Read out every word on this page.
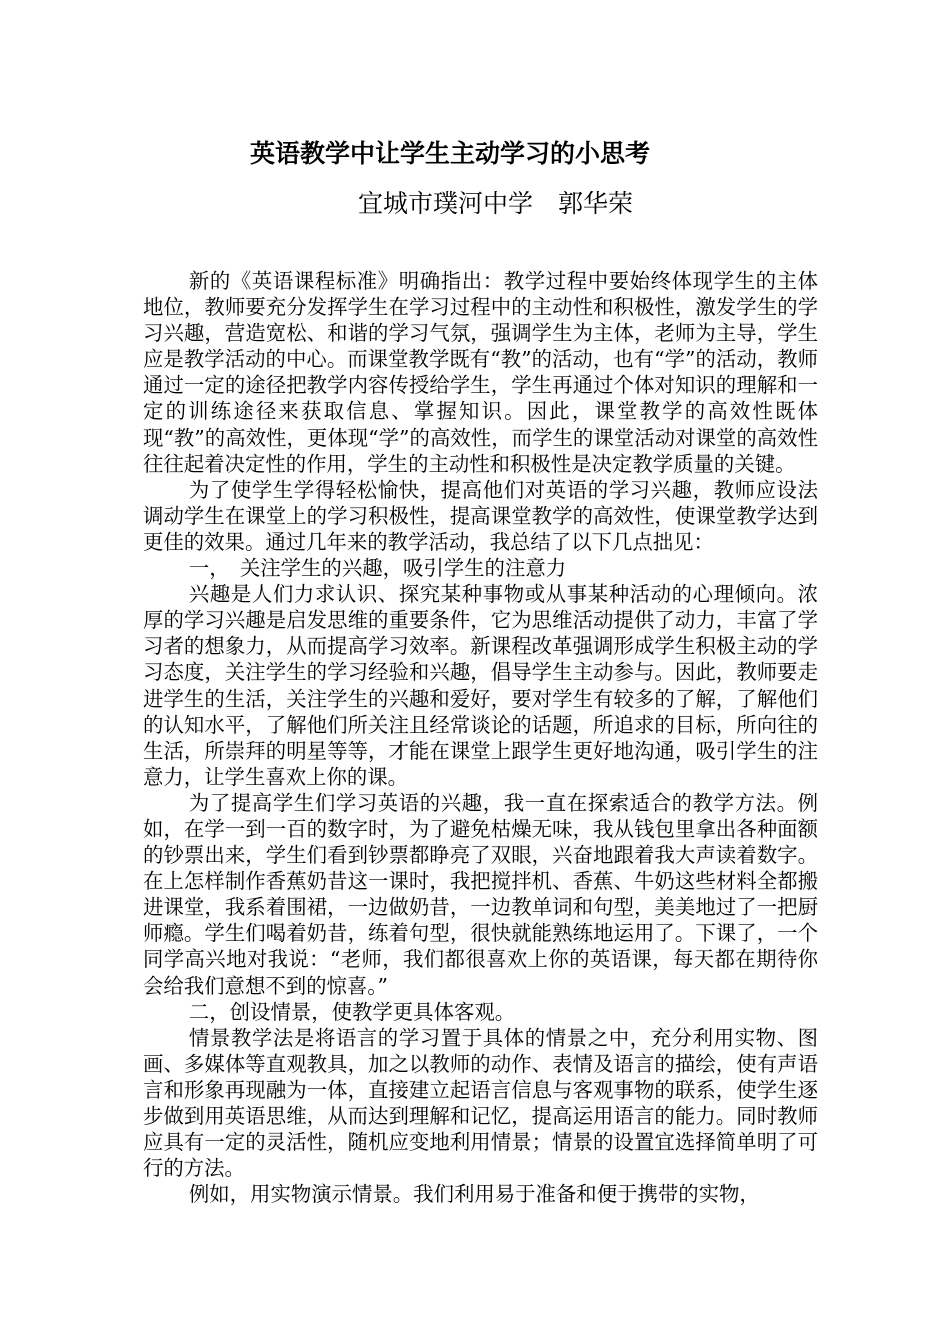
英语教学中让学生主动学习的小思考
宜城市璞河中学　郭华荣

新的《英语课程标准》明确指出：教学过程中要始终体现学生的主体地位，教师要充分发挥学生在学习过程中的主动性和积极性，激发学生的学习兴趣，营造宽松、和谐的学习气氛，强调学生为主体，老师为主导，学生应是教学活动的中心。而课堂教学既有“教”的活动，也有“学”的活动，教师通过一定的途径把教学内容传授给学生，学生再通过个体对知识的理解和一定的训练途径来获取信息、掌握知识。因此，课堂教学的高效性既体现“教”的高效性，更体现“学”的高效性，而学生的课堂活动对课堂的高效性往往起着决定性的作用，学生的主动性和积极性是决定教学质量的关键。

为了使学生学得轻松愉快，提高他们对英语的学习兴趣，教师应设法调动学生在课堂上的学习积极性，提高课堂教学的高效性，使课堂教学达到更佳的效果。通过几年来的教学活动，我总结了以下几点拙见：

一，　关注学生的兴趣，吸引学生的注意力

兴趣是人们力求认识、探究某种事物或从事某种活动的心理倾向。浓厚的学习兴趣是启发思维的重要条件，它为思维活动提供了动力，丰富了学习者的想象力，从而提高学习效率。新课程改革强调形成学生积极主动的学习态度，关注学生的学习经验和兴趣，倡导学生主动参与。因此，教师要走进学生的生活，关注学生的兴趣和爱好，要对学生有较多的了解，了解他们的认知水平，了解他们所关注且经常谈论的话题，所追求的目标，所向往的生活，所崇拜的明星等等，才能在课堂上跟学生更好地沟通，吸引学生的注意力，让学生喜欢上你的课。

为了提高学生们学习英语的兴趣，我一直在探索适合的教学方法。例如，在学一到一百的数字时，为了避免枯燥无味，我从钱包里拿出各种面额的钞票出来，学生们看到钞票都睁亮了双眼，兴奋地跟着我大声读着数字。在上怎样制作香蕉奶昔这一课时，我把搅拌机、香蕉、牛奶这些材料全都搬进课堂，我系着围裙，一边做奶昔，一边教单词和句型，美美地过了一把厨师瘾。学生们喝着奶昔，练着句型，很快就能熟练地运用了。下课了，一个同学高兴地对我说：“老师，我们都很喜欢上你的英语课，每天都在期待你会给我们意想不到的惊喜。”

二，创设情景，使教学更具体客观。

情景教学法是将语言的学习置于具体的情景之中，充分利用实物、图画、多媒体等直观教具，加之以教师的动作、表情及语言的描绘，使有声语言和形象再现融为一体，直接建立起语言信息与客观事物的联系，使学生逐步做到用英语思维，从而达到理解和记忆，提高运用语言的能力。同时教师应具有一定的灵活性，随机应变地利用情景；情景的设置宜选择简单明了可行的方法。

例如，用实物演示情景。我们利用易于准备和便于携带的实物，
